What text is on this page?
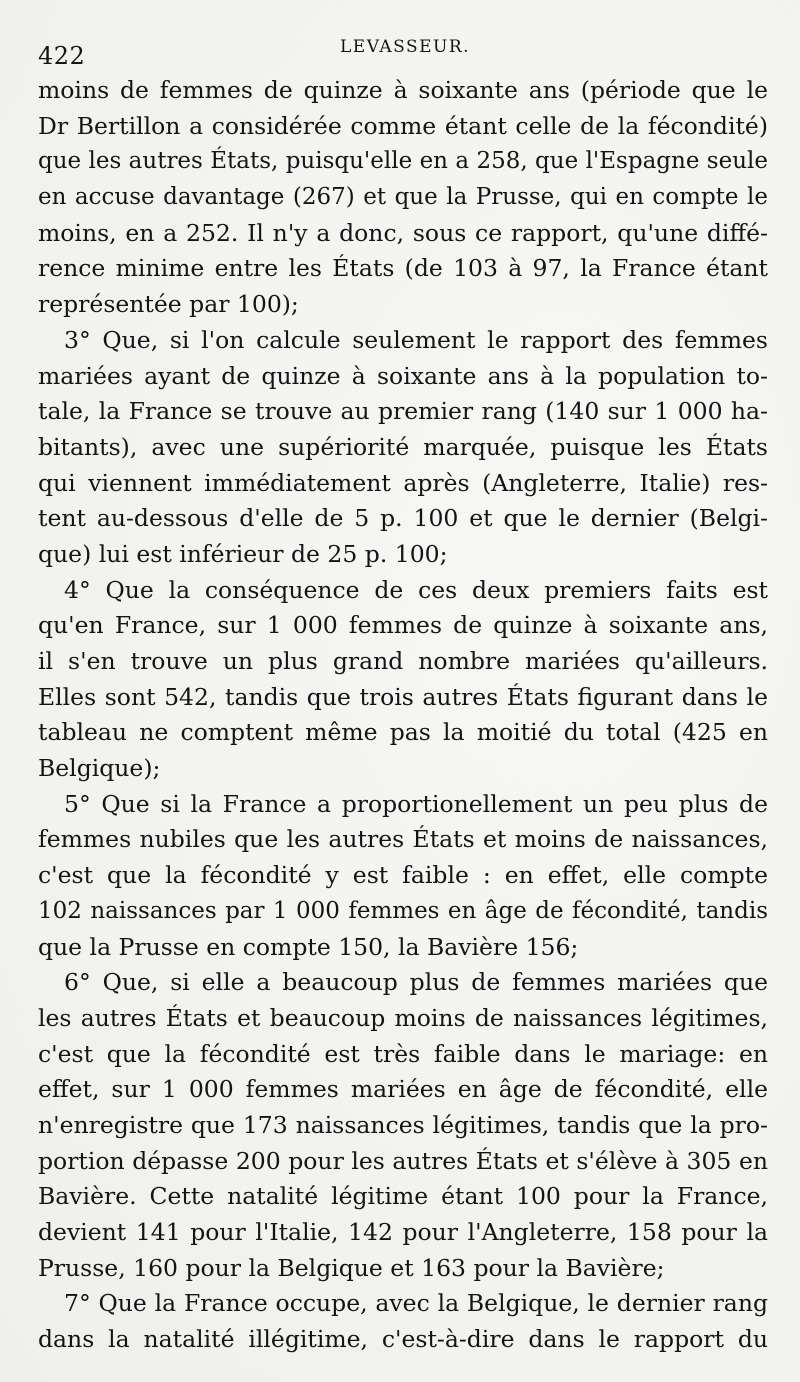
422	LEVASSEUR.
moins de femmes de quinze à soixante ans (période que le
Dr Bertillon a considérée comme étant celle de la fécondité)
que les autres États, puisqu'elle en a 258, que l'Espagne seule
en accuse davantage (267) et que la Prusse, qui en compte le
moins, en a 252. Il n'y a donc, sous ce rapport, qu'une diffé-
rence minime entre les États (de 103 à 97, la France étant
représentée par 100);
3° Que, si l'on calcule seulement le rapport des femmes
mariées ayant de quinze à soixante ans à la population to-
tale, la France se trouve au premier rang (140 sur 1 000 ha-
bitants), avec une supériorité marquée, puisque les États
qui viennent immédiatement après (Angleterre, Italie) res-
tent au-dessous d'elle de 5 p. 100 et que le dernier (Belgi-
que) lui est inférieur de 25 p. 100;
4° Que la conséquence de ces deux premiers faits est
qu'en France, sur 1 000 femmes de quinze à soixante ans,
il s'en trouve un plus grand nombre mariées qu'ailleurs.
Elles sont 542, tandis que trois autres États figurant dans le
tableau ne comptent même pas la moitié du total (425 en
Belgique);
5° Que si la France a proportionellement un peu plus de
femmes nubiles que les autres États et moins de naissances,
c'est que la fécondité y est faible : en effet, elle compte
102 naissances par 1 000 femmes en âge de fécondité, tandis
que la Prusse en compte 150, la Bavière 156;
6° Que, si elle a beaucoup plus de femmes mariées que
les autres États et beaucoup moins de naissances légitimes,
c'est que la fécondité est très faible dans le mariage: en
effet, sur 1 000 femmes mariées en âge de fécondité, elle
n'enregistre que 173 naissances légitimes, tandis que la pro-
portion dépasse 200 pour les autres États et s'élève à 305 en
Bavière. Cette natalité légitime étant 100 pour la France,
devient 141 pour l'Italie, 142 pour l'Angleterre, 158 pour la
Prusse, 160 pour la Belgique et 163 pour la Bavière;
7° Que la France occupe, avec la Belgique, le dernier rang
dans la natalité illégitime, c'est-à-dire dans le rapport du
